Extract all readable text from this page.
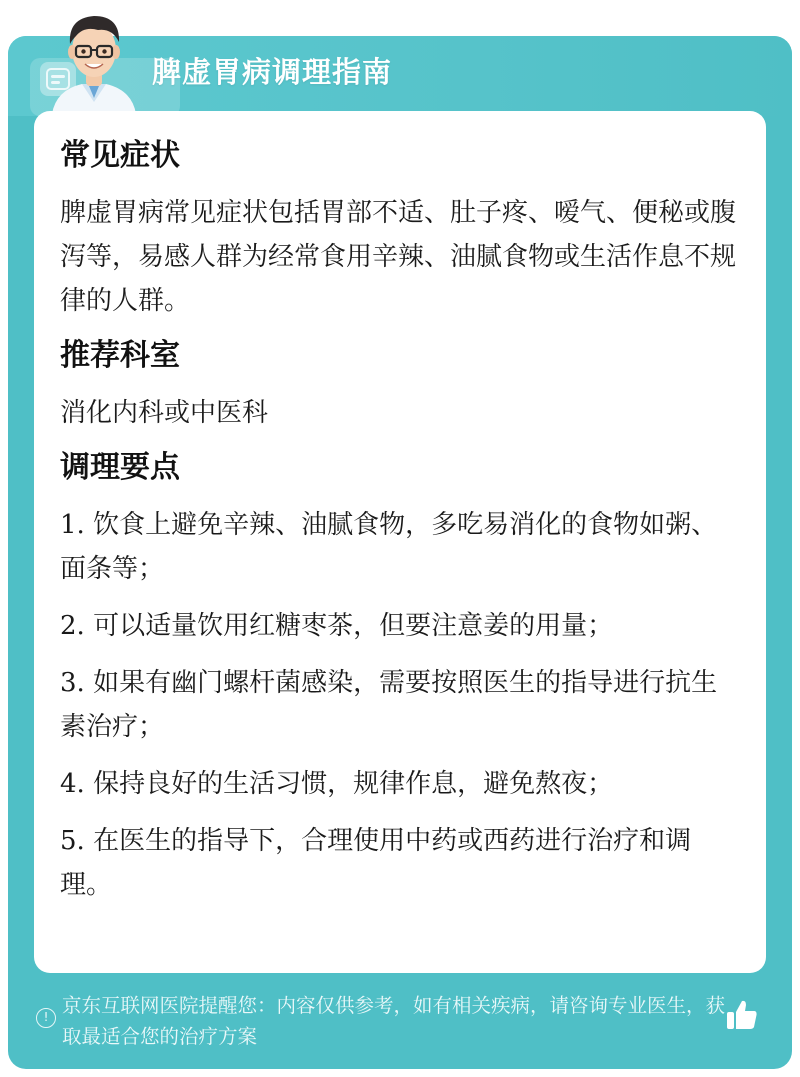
脾虚胃病调理指南
常见症状
脾虚胃病常见症状包括胃部不适、肚子疼、嗳气、便秘或腹泻等，易感人群为经常食用辛辣、油腻食物或生活作息不规律的人群。
推荐科室
消化内科或中医科
调理要点
1. 饮食上避免辛辣、油腻食物，多吃易消化的食物如粥、面条等；
2. 可以适量饮用红糖枣茶，但要注意姜的用量；
3. 如果有幽门螺杆菌感染，需要按照医生的指导进行抗生素治疗；
4. 保持良好的生活习惯，规律作息，避免熬夜；
5. 在医生的指导下，合理使用中药或西药进行治疗和调理。
! 京东互联网医院提醒您：内容仅供参考，如有相关疾病，请咨询专业医生，获取最适合您的治疗方案
